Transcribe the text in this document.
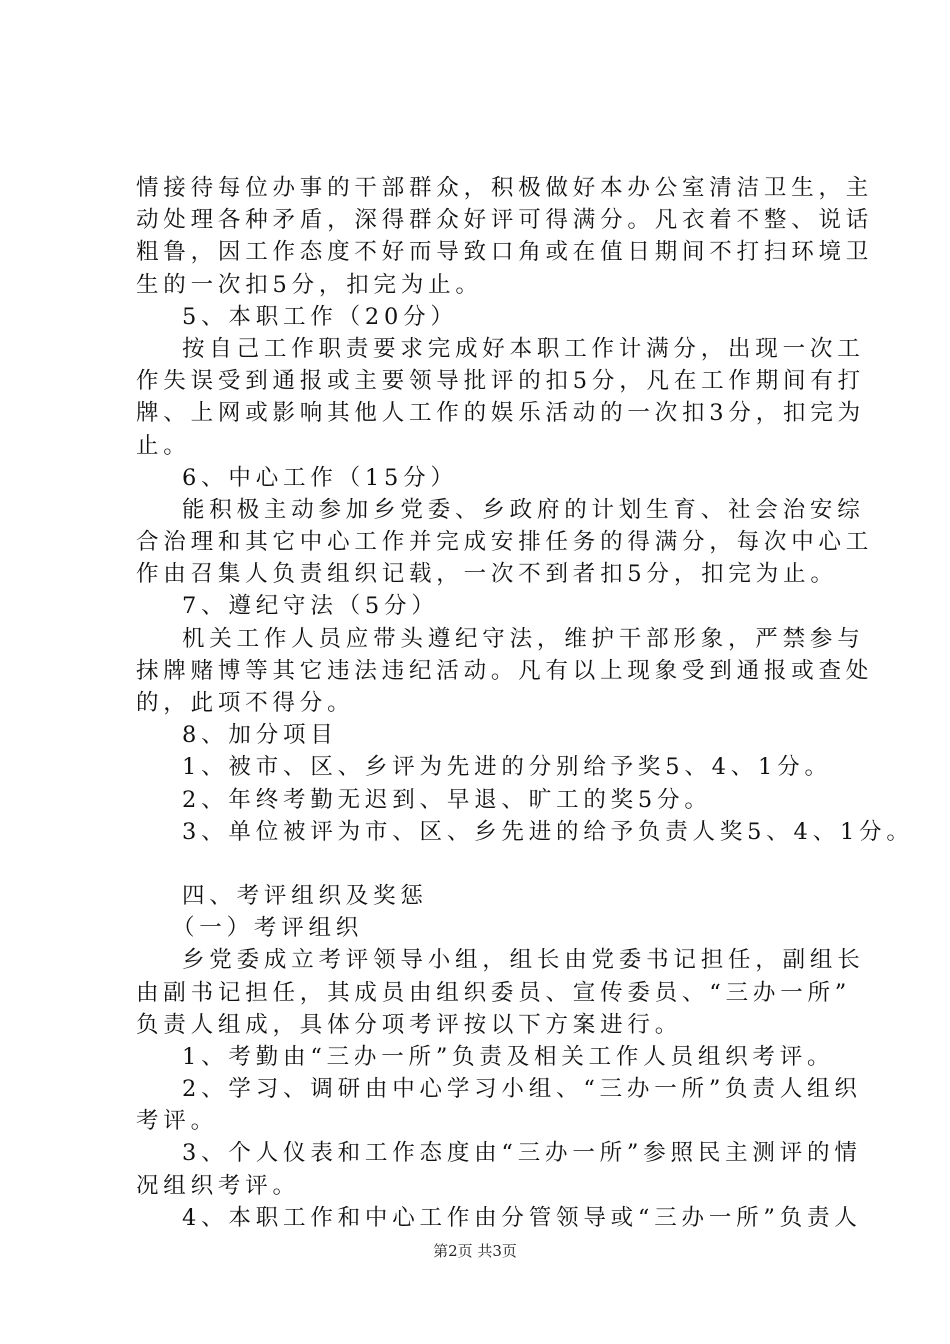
情接待每位办事的干部群众，积极做好本办公室清洁卫生，主
动处理各种矛盾，深得群众好评可得满分。凡衣着不整、说话
粗鲁，因工作态度不好而导致口角或在值日期间不打扫环境卫
生的一次扣5分，扣完为止。
5、本职工作（20分）
按自己工作职责要求完成好本职工作计满分，出现一次工
作失误受到通报或主要领导批评的扣5分，凡在工作期间有打
牌、上网或影响其他人工作的娱乐活动的一次扣3分，扣完为
止。
6、中心工作（15分）
能积极主动参加乡党委、乡政府的计划生育、社会治安综
合治理和其它中心工作并完成安排任务的得满分，每次中心工
作由召集人负责组织记载，一次不到者扣5分，扣完为止。
7、遵纪守法（5分）
机关工作人员应带头遵纪守法，维护干部形象，严禁参与
抹牌赌博等其它违法违纪活动。凡有以上现象受到通报或查处
的，此项不得分。
8、加分项目
1、被市、区、乡评为先进的分别给予奖5、4、1分。
2、年终考勤无迟到、早退、旷工的奖5分。
3、单位被评为市、区、乡先进的给予负责人奖5、4、1分。
四、考评组织及奖惩
（一）考评组织
乡党委成立考评领导小组，组长由党委书记担任，副组长
由副书记担任，其成员由组织委员、宣传委员、“三办一所”
负责人组成，具体分项考评按以下方案进行。
1、考勤由“三办一所”负责及相关工作人员组织考评。
2、学习、调研由中心学习小组、“三办一所”负责人组织
考评。
3、个人仪表和工作态度由“三办一所”参照民主测评的情
况组织考评。
4、本职工作和中心工作由分管领导或“三办一所”负责人
第2页 共3页
